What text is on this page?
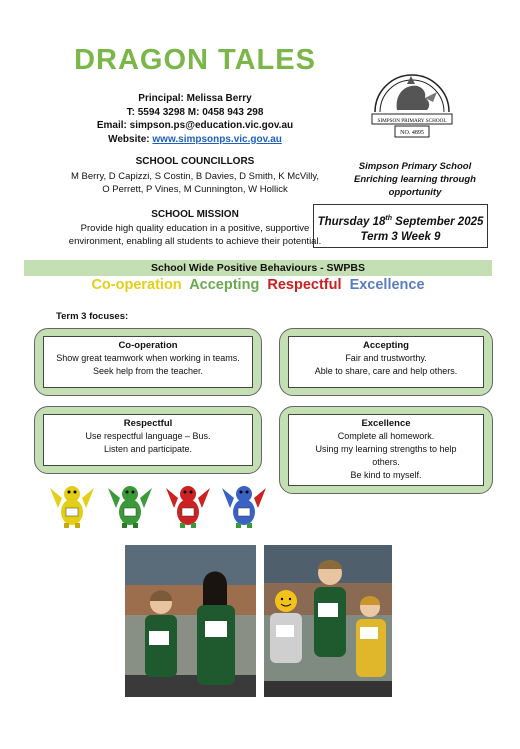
DRAGON TALES
Principal: Melissa Berry
T: 5594 3298 M: 0458 943 298
Email: simpson.ps@education.vic.gov.au
Website: www.simpsonps.vic.gov.au
SCHOOL COUNCILLORS
M Berry, D Capizzi, S Costin, B Davies, D Smith, K McVilly,
O Perrett, P Vines, M Cunnington, W Hollick
SCHOOL MISSION
Provide high quality education in a positive, supportive
environment, enabling all students to achieve their potential.
SIMPSON PRIMARY SCHOOL
NO. 4895
Simpson Primary School
Enriching learning through
opportunity
Thursday 18th September 2025
Term 3 Week 9
School Wide Positive Behaviours - SWPBS
Co-operation Accepting Respectful Excellence
Term 3 focuses:
Co-operation
Show great teamwork when working in teams.
Seek help from the teacher.
Accepting
Fair and trustworthy.
Able to share, care and help others.
Respectful
Use respectful language – Bus.
Listen and participate.
Excellence
Complete all homework.
Using my learning strengths to help
others.
Be kind to myself.
